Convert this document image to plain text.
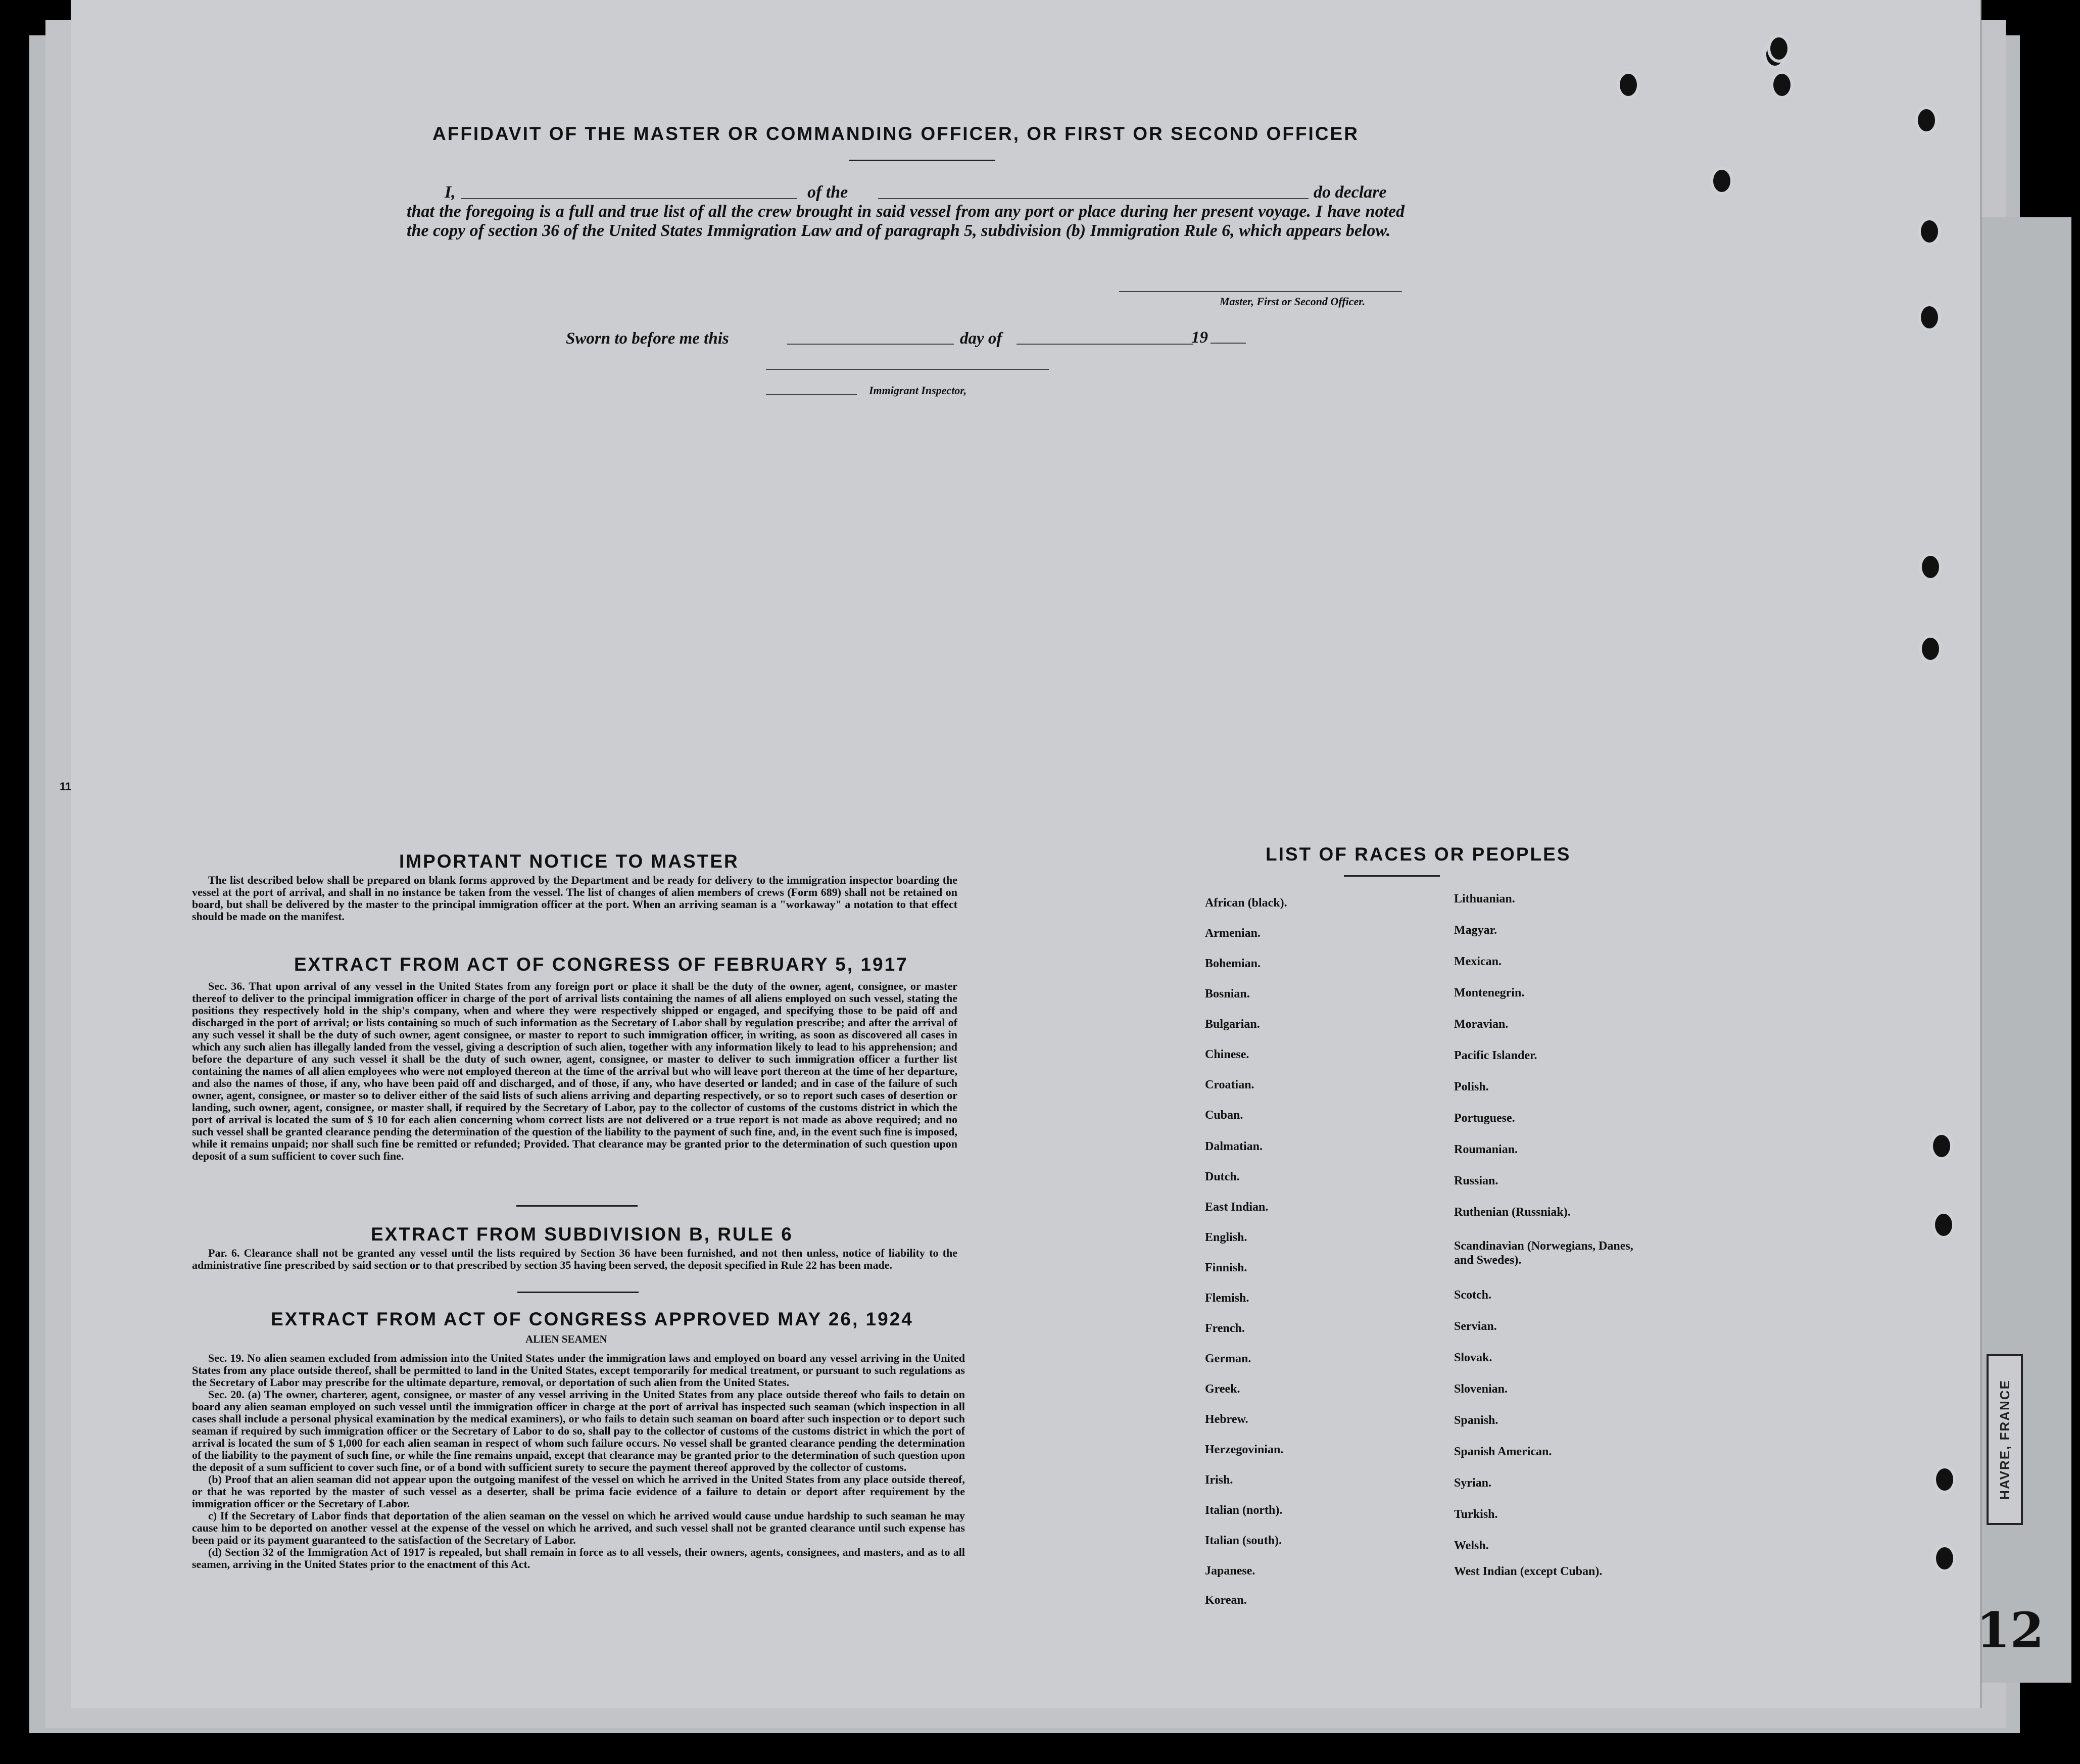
11
AFFIDAVIT OF THE MASTER OR COMMANDING OFFICER, OR FIRST OR SECOND OFFICER
I,	of the	do declare
that the foregoing is a full and true list of all the crew brought in said vessel from any port or place during her present voyage. I have noted the copy of section 36 of the United States Immigration Law and of paragraph 5, subdivision (b) Immigration Rule 6, which appears below.
Master, First or Second Officer.
Sworn to before me this	day of	19
Immigrant Inspector,
IMPORTANT NOTICE TO MASTER
The list described below shall be prepared on blank forms approved by the Department and be ready for delivery to the immigration inspector boarding the vessel at the port of arrival, and shall in no instance be taken from the vessel. The list of changes of alien members of crews (Form 689) shall not be retained on board, but shall be delivered by the master to the principal immigration officer at the port. When an arriving seaman is a "workaway" a notation to that effect should be made on the manifest.
EXTRACT FROM ACT OF CONGRESS OF FEBRUARY 5, 1917
Sec. 36. That upon arrival of any vessel in the United States from any foreign port or place it shall be the duty of the owner, agent, consignee, or master thereof to deliver to the principal immigration officer in charge of the port of arrival lists containing the names of all aliens employed on such vessel, stating the positions they respectively hold in the ship's company, when and where they were respectively shipped or engaged, and specifying those to be paid off and discharged in the port of arrival; or lists containing so much of such information as the Secretary of Labor shall by regulation prescribe; and after the arrival of any such vessel it shall be the duty of such owner, agent consignee, or master to report to such immigration officer, in writing, as soon as discovered all cases in which any such alien has illegally landed from the vessel, giving a description of such alien, together with any information likely to lead to his apprehension; and before the departure of any such vessel it shall be the duty of such owner, agent, consignee, or master to deliver to such immigration officer a further list containing the names of all alien employees who were not employed thereon at the time of the arrival but who will leave port thereon at the time of her departure, and also the names of those, if any, who have been paid off and discharged, and of those, if any, who have deserted or landed; and in case of the failure of such owner, agent, consignee, or master so to deliver either of the said lists of such aliens arriving and departing respectively, or so to report such cases of desertion or landing, such owner, agent, consignee, or master shall, if required by the Secretary of Labor, pay to the collector of customs of the customs district in which the port of arrival is located the sum of $ 10 for each alien concerning whom correct lists are not delivered or a true report is not made as above required; and no such vessel shall be granted clearance pending the determination of the question of the liability to the payment of such fine, and, in the event such fine is imposed, while it remains unpaid; nor shall such fine be remitted or refunded; Provided. That clearance may be granted prior to the determination of such question upon deposit of a sum sufficient to cover such fine.
EXTRACT FROM SUBDIVISION B, RULE 6
Par. 6. Clearance shall not be granted any vessel until the lists required by Section 36 have been furnished, and not then unless, notice of liability to the administrative fine prescribed by said section or to that prescribed by section 35 having been served, the deposit specified in Rule 22 has been made.
EXTRACT FROM ACT OF CONGRESS APPROVED MAY 26, 1924
ALIEN SEAMEN
Sec. 19. No alien seamen excluded from admission into the United States under the immigration laws and employed on board any vessel arriving in the United States from any place outside thereof, shall be permitted to land in the United States, except temporarily for medical treatment, or pursuant to such regulations as the Secretary of Labor may prescribe for the ultimate departure, removal, or deportation of such alien from the United States.
Sec. 20. (a) The owner, charterer, agent, consignee, or master of any vessel arriving in the United States from any place outside thereof who fails to detain on board any alien seaman employed on such vessel until the immigration officer in charge at the port of arrival has inspected such seaman (which inspection in all cases shall include a personal physical examination by the medical examiners), or who fails to detain such seaman on board after such inspection or to deport such seaman if required by such immigration officer or the Secretary of Labor to do so, shall pay to the collector of customs of the customs district in which the port of arrival is located the sum of $ 1,000 for each alien seaman in respect of whom such failure occurs. No vessel shall be granted clearance pending the determination of the liability to the payment of such fine, or while the fine remains unpaid, except that clearance may be granted prior to the determination of such question upon the deposit of a sum sufficient to cover such fine, or of a bond with sufficient surety to secure the payment thereof approved by the collector of customs.
(b) Proof that an alien seaman did not appear upon the outgoing manifest of the vessel on which he arrived in the United States from any place outside thereof, or that he was reported by the master of such vessel as a deserter, shall be prima facie evidence of a failure to detain or deport after requirement by the immigration officer or the Secretary of Labor.
c) If the Secretary of Labor finds that deportation of the alien seaman on the vessel on which he arrived would cause undue hardship to such seaman he may cause him to be deported on another vessel at the expense of the vessel on which he arrived, and such vessel shall not be granted clearance until such expense has been paid or its payment guaranteed to the satisfaction of the Secretary of Labor.
(d) Section 32 of the Immigration Act of 1917 is repealed, but shall remain in force as to all vessels, their owners, agents, consignees, and masters, and as to all seamen, arriving in the United States prior to the enactment of this Act.
LIST OF RACES OR PEOPLES
African (black).
Armenian.
Bohemian.
Bosnian.
Bulgarian.
Chinese.
Croatian.
Cuban.
Dalmatian.
Dutch.
East Indian.
English.
Finnish.
Flemish.
French.
German.
Greek.
Hebrew.
Herzegovinian.
Irish.
Italian (north).
Italian (south).
Japanese.
Korean.
Lithuanian.
Magyar.
Mexican.
Montenegrin.
Moravian.
Pacific Islander.
Polish.
Portuguese.
Roumanian.
Russian.
Ruthenian (Russniak).
Scandinavian (Norwegians, Danes, and Swedes).
Scotch.
Servian.
Slovak.
Slovenian.
Spanish.
Spanish American.
Syrian.
Turkish.
Welsh.
West Indian (except Cuban).
HAVRE, FRANCE
12
